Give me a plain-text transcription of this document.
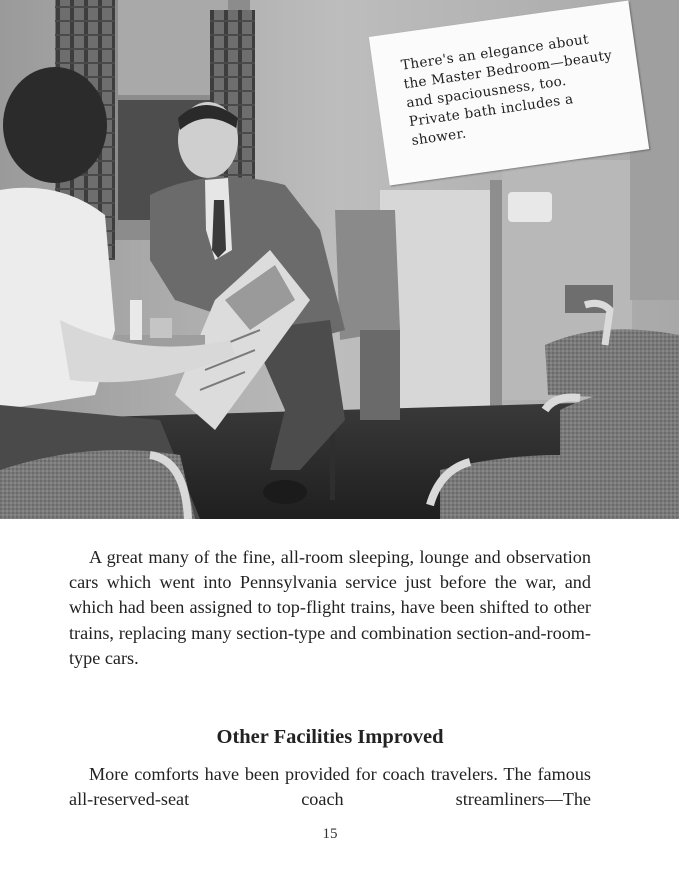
There's an elegance about the Master Bedroom—beauty and spaciousness, too. Private bath includes a shower.

A great many of the fine, all-room sleeping, lounge and observation cars which went into Pennsylvania service just before the war, and which had been assigned to top-flight trains, have been shifted to other trains, replacing many section-type and combination section-and-room-type cars.

Other Facilities Improved

More comforts have been provided for coach travelers. The famous all-reserved-seat coach streamliners—The

15
